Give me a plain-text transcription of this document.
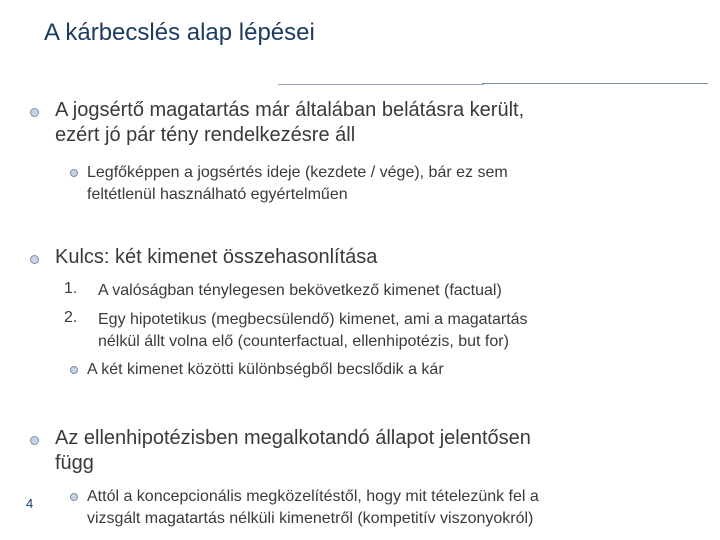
A kárbecslés alap lépései
A jogsértő magatartás már általában belátásra került,
ezért jó pár tény rendelkezésre áll
Legfőképpen a jogsértés ideje (kezdete / vége), bár ez sem
feltétlenül használható egyértelműen
Kulcs: két kimenet összehasonlítása
1. A valóságban ténylegesen bekövetkező kimenet (factual)
2. Egy hipotetikus (megbecsülendő) kimenet, ami a magatartás
nélkül állt volna elő (counterfactual, ellenhipotézis, but for)
A két kimenet közötti különbségből becslődik a kár
Az ellenhipotézisben megalkotandó állapot jelentősen
függ
Attól a koncepcionális megközelítéstől, hogy mit tételezünk fel a
vizsgált magatartás nélküli kimenetről (kompetitív viszonyokról)
4
